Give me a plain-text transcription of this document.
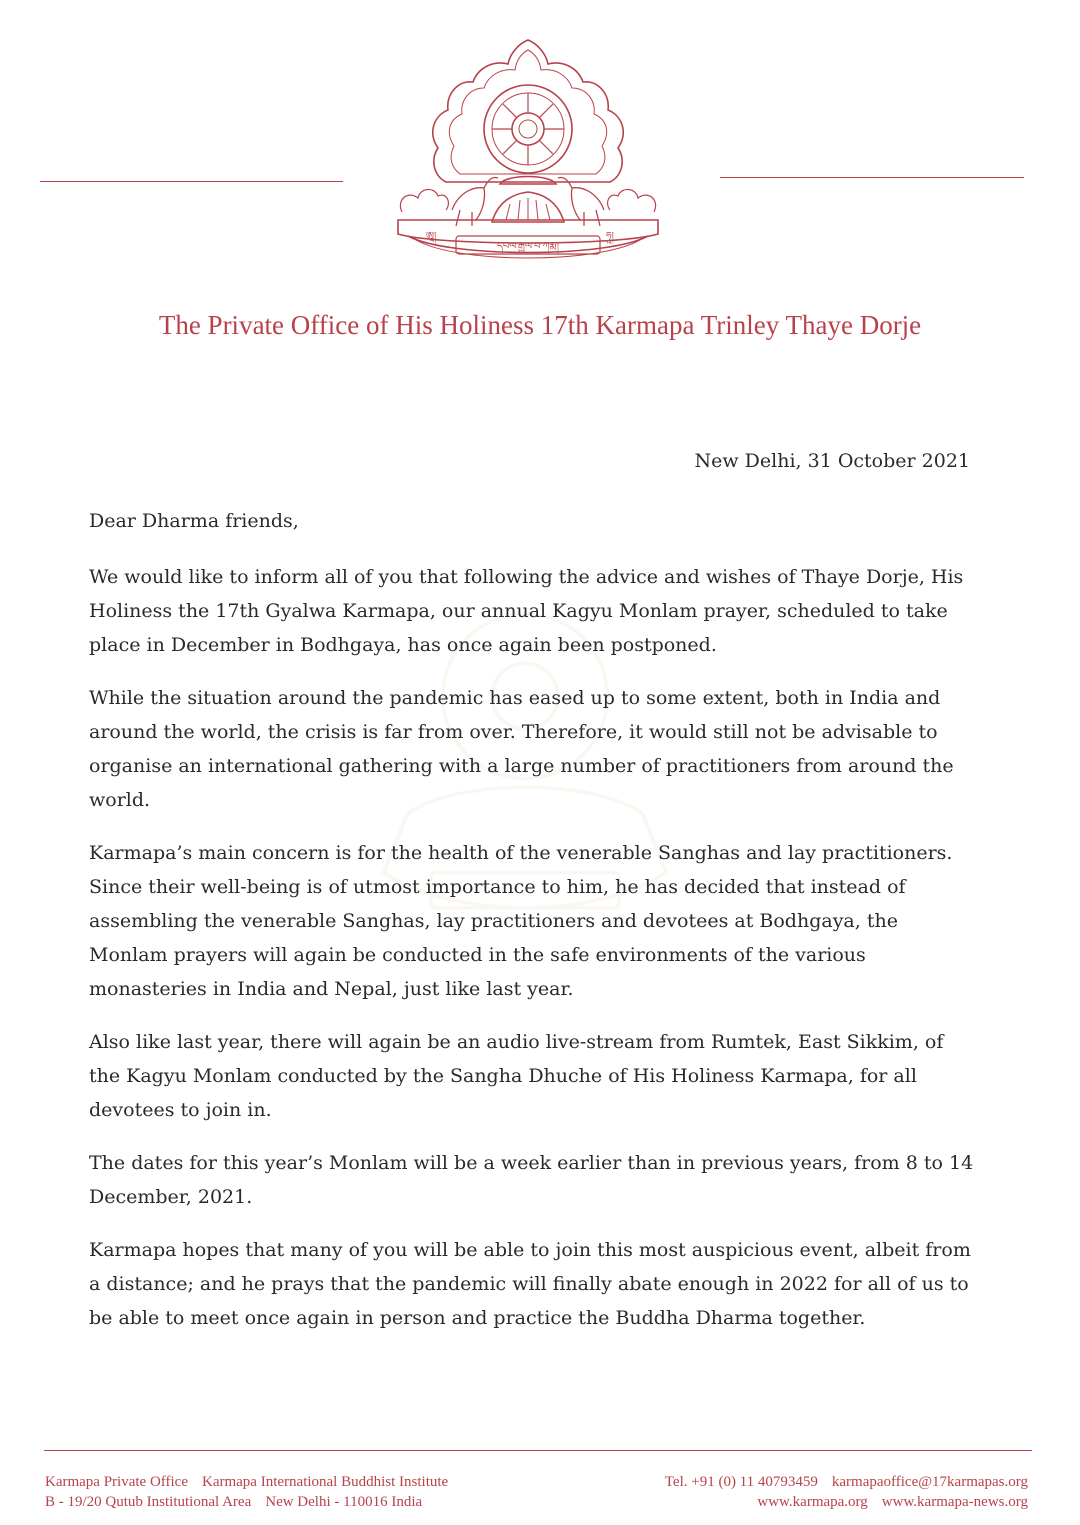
ཨཱ།
དཔལ་རྒྱལ་བ་ཀརྨ།
ཧཱ།
The Private Office of His Holiness 17th Karmapa Trinley Thaye Dorje
New Delhi, 31 October 2021
Dear Dharma friends,

We would like to inform all of you that following the advice and wishes of Thaye Dorje, His Holiness the 17th Gyalwa Karmapa, our annual Kagyu Monlam prayer, scheduled to take place in December in Bodhgaya, has once again been postponed.

While the situation around the pandemic has eased up to some extent, both in India and around the world, the crisis is far from over. Therefore, it would still not be advisable to organise an international gathering with a large number of practitioners from around the world.

Karmapa’s main concern is for the health of the venerable Sanghas and lay practitioners. Since their well-being is of utmost importance to him, he has decided that instead of assembling the venerable Sanghas, lay practitioners and devotees at Bodhgaya, the Monlam prayers will again be conducted in the safe environments of the various monasteries in India and Nepal, just like last year.

Also like last year, there will again be an audio live-stream from Rumtek, East Sikkim, of the Kagyu Monlam conducted by the Sangha Dhuche of His Holiness Karmapa, for all devotees to join in.

The dates for this year’s Monlam will be a week earlier than in previous years, from 8 to 14 December, 2021.

Karmapa hopes that many of you will be able to join this most auspicious event, albeit from a distance; and he prays that the pandemic will finally abate enough in 2022 for all of us to be able to meet once again in person and practice the Buddha Dharma together.

Karmapa Private Office Karmapa International Buddhist Institute
B - 19/20 Qutub Institutional Area New Delhi - 110016 India
Tel. +91 (0) 11 40793459 karmapaoffice@17karmapas.org
www.karmapa.org www.karmapa-news.org
